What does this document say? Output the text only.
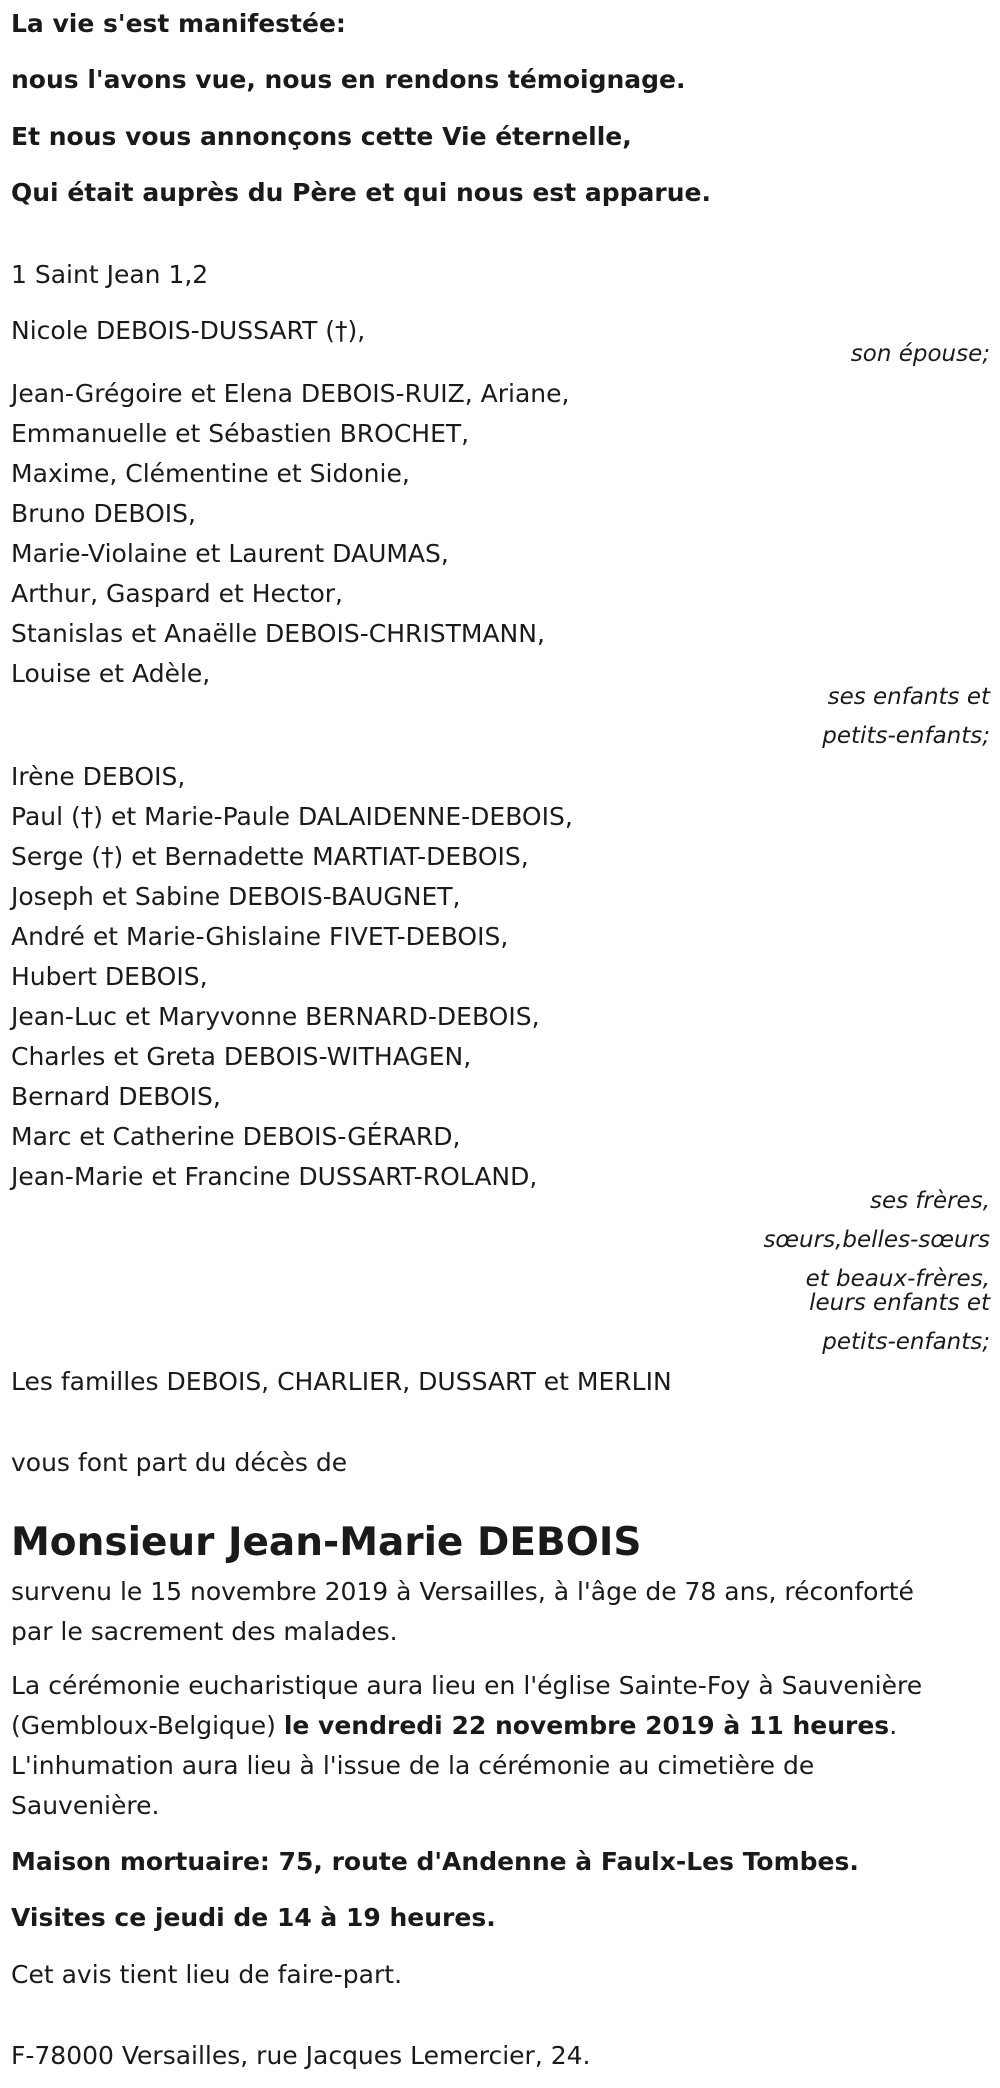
La vie s'est manifestée:
nous l'avons vue, nous en rendons témoignage.
Et nous vous annonçons cette Vie éternelle,
Qui était auprès du Père et qui nous est apparue.
1 Saint Jean 1,2
Nicole DEBOIS-DUSSART (†),
son épouse;
Jean-Grégoire et Elena DEBOIS-RUIZ, Ariane,
Emmanuelle et Sébastien BROCHET,
Maxime, Clémentine et Sidonie,
Bruno DEBOIS,
Marie-Violaine et Laurent DAUMAS,
Arthur, Gaspard et Hector,
Stanislas et Anaëlle DEBOIS-CHRISTMANN,
Louise et Adèle,
ses enfants et
petits-enfants;
Irène DEBOIS,
Paul (†) et Marie-Paule DALAIDENNE-DEBOIS,
Serge (†) et Bernadette MARTIAT-DEBOIS,
Joseph et Sabine DEBOIS-BAUGNET,
André et Marie-Ghislaine FIVET-DEBOIS,
Hubert DEBOIS,
Jean-Luc et Maryvonne BERNARD-DEBOIS,
Charles et Greta DEBOIS-WITHAGEN,
Bernard DEBOIS,
Marc et Catherine DEBOIS-GÉRARD,
Jean-Marie et Francine DUSSART-ROLAND,
ses frères,
sœurs,belles-sœurs
et beaux-frères,
leurs enfants et
petits-enfants;
Les familles DEBOIS, CHARLIER, DUSSART et MERLIN
vous font part du décès de
Monsieur Jean-Marie DEBOIS
survenu le 15 novembre 2019 à Versailles, à l'âge de 78 ans, réconforté
par le sacrement des malades.
La cérémonie eucharistique aura lieu en l'église Sainte-Foy à Sauvenière
(Gembloux-Belgique) le vendredi 22 novembre 2019 à 11 heures.
L'inhumation aura lieu à l'issue de la cérémonie au cimetière de
Sauvenière.
Maison mortuaire: 75, route d'Andenne à Faulx-Les Tombes.
Visites ce jeudi de 14 à 19 heures.
Cet avis tient lieu de faire-part.
F-78000 Versailles, rue Jacques Lemercier, 24.
